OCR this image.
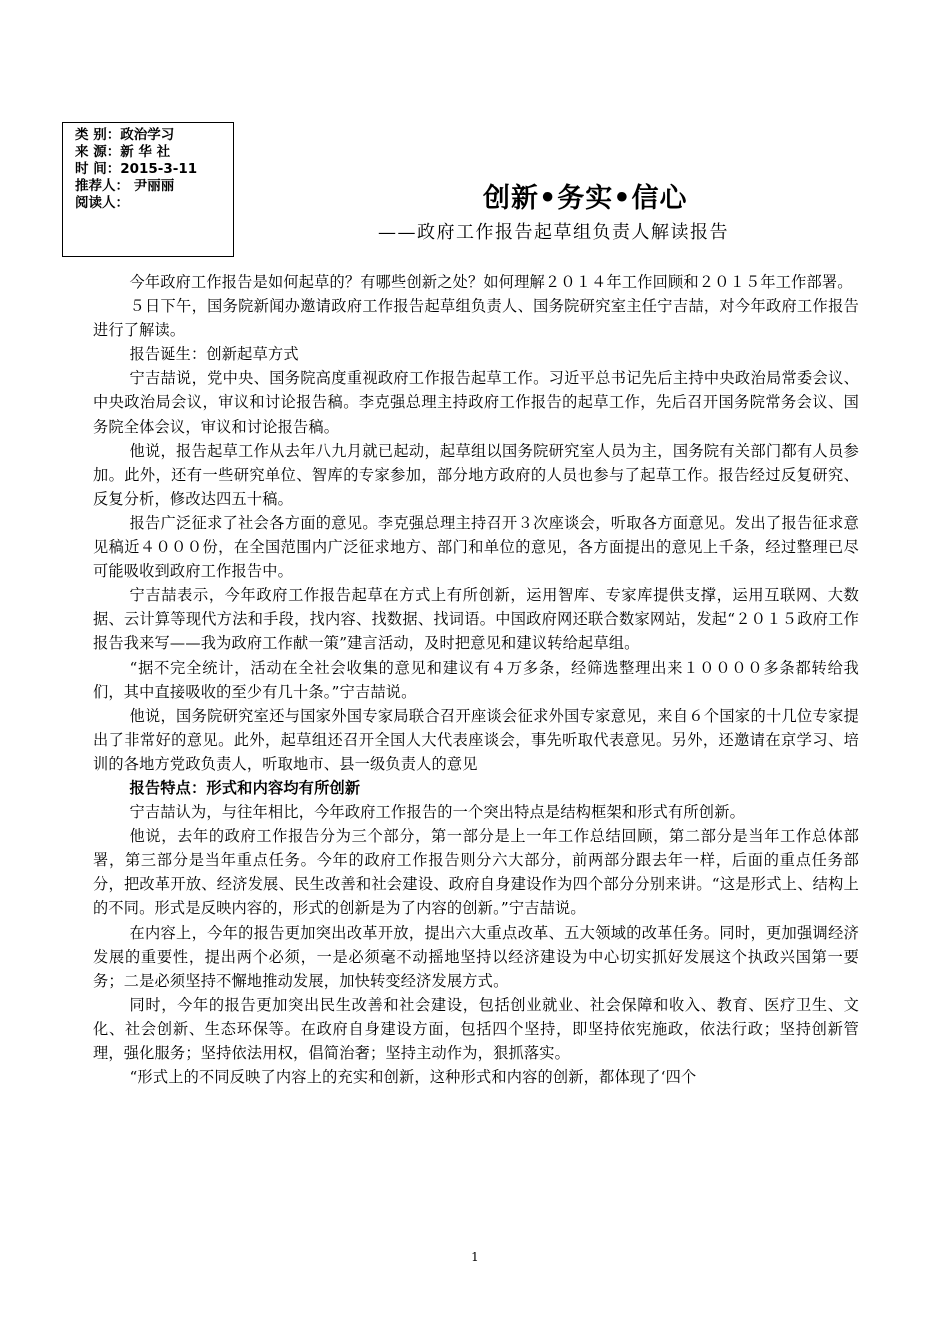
类 别：政治学习
来 源：新 华 社
时 间：2015-3-11
推荐人： 尹丽丽
阅读人：	创新•务实•信心
——政府工作报告起草组负责人解读报告

今年政府工作报告是如何起草的？有哪些创新之处？如何理解２０１４年工作回顾和２０１５年工作部署。

５日下午，国务院新闻办邀请政府工作报告起草组负责人、国务院研究室主任宁吉喆，对今年政府工作报告进行了解读。

报告诞生：创新起草方式

宁吉喆说，党中央、国务院高度重视政府工作报告起草工作。习近平总书记先后主持中央政治局常委会议、中央政治局会议，审议和讨论报告稿。李克强总理主持政府工作报告的起草工作，先后召开国务院常务会议、国务院全体会议，审议和讨论报告稿。

他说，报告起草工作从去年八九月就已起动，起草组以国务院研究室人员为主，国务院有关部门都有人员参加。此外，还有一些研究单位、智库的专家参加，部分地方政府的人员也参与了起草工作。报告经过反复研究、反复分析，修改达四五十稿。

报告广泛征求了社会各方面的意见。李克强总理主持召开３次座谈会，听取各方面意见。发出了报告征求意见稿近４０００份，在全国范围内广泛征求地方、部门和单位的意见，各方面提出的意见上千条，经过整理已尽可能吸收到政府工作报告中。

宁吉喆表示，今年政府工作报告起草在方式上有所创新，运用智库、专家库提供支撑，运用互联网、大数据、云计算等现代方法和手段，找内容、找数据、找词语。中国政府网还联合数家网站，发起“２０１５政府工作报告我来写——我为政府工作献一策”建言活动，及时把意见和建议转给起草组。

“据不完全统计，活动在全社会收集的意见和建议有４万多条，经筛选整理出来１００００多条都转给我们，其中直接吸收的至少有几十条。”宁吉喆说。

他说，国务院研究室还与国家外国专家局联合召开座谈会征求外国专家意见，来自６个国家的十几位专家提出了非常好的意见。此外，起草组还召开全国人大代表座谈会，事先听取代表意见。另外，还邀请在京学习、培训的各地方党政负责人，听取地市、县一级负责人的意见

报告特点：形式和内容均有所创新

宁吉喆认为，与往年相比，今年政府工作报告的一个突出特点是结构框架和形式有所创新。

他说，去年的政府工作报告分为三个部分，第一部分是上一年工作总结回顾，第二部分是当年工作总体部署，第三部分是当年重点任务。今年的政府工作报告则分六大部分，前两部分跟去年一样，后面的重点任务部分，把改革开放、经济发展、民生改善和社会建设、政府自身建设作为四个部分分别来讲。“这是形式上、结构上的不同。形式是反映内容的，形式的创新是为了内容的创新。”宁吉喆说。

在内容上，今年的报告更加突出改革开放，提出六大重点改革、五大领域的改革任务。同时，更加强调经济发展的重要性，提出两个必须，一是必须毫不动摇地坚持以经济建设为中心切实抓好发展这个执政兴国第一要务；二是必须坚持不懈地推动发展，加快转变经济发展方式。

同时，今年的报告更加突出民生改善和社会建设，包括创业就业、社会保障和收入、教育、医疗卫生、文化、社会创新、生态环保等。在政府自身建设方面，包括四个坚持，即坚持依宪施政，依法行政；坚持创新管理，强化服务；坚持依法用权，倡简治奢；坚持主动作为，狠抓落实。

“形式上的不同反映了内容上的充实和创新，这种形式和内容的创新，都体现了‘四个

1
